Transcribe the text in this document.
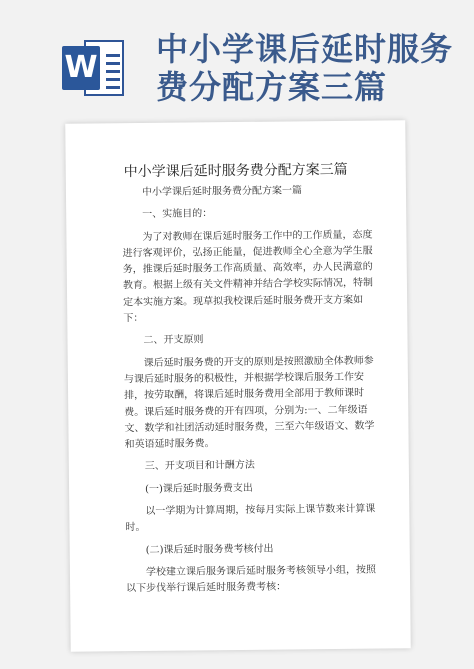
W 中小学课后延时服务费分配方案三篇
中小学课后延时服务费分配方案三篇

中小学课后延时服务费分配方案一篇

一、实施目的：

为了对教师在课后延时服务工作中的工作质量，态度进行客观评价，弘扬正能量，促进教师全心全意为学生服务，推课后延时服务工作高质量、高效率，办人民满意的教育。根据上级有关文件精神并结合学校实际情况，特制定本实施方案。现草拟我校课后延时服务费开支方案如下：

二、开支原则

课后延时服务费的开支的原则是按照激励全体教师参与课后延时服务的积极性，并根据学校课后服务工作安排，按劳取酬，将课后延时服务费用全部用于教师课时费。课后延时服务费的开有四项，分别为:一、二年级语文、数学和社团活动延时服务费，三至六年级语文、数学和英语延时服务费。

三、开支项目和计酬方法

(一)课后延时服务费支出

以一学期为计算周期，按每月实际上课节数来计算课时。

(二)课后延时服务费考核付出

学校建立课后服务课后延时服务考核领导小组，按照以下步伐举行课后延时服务费考核：
